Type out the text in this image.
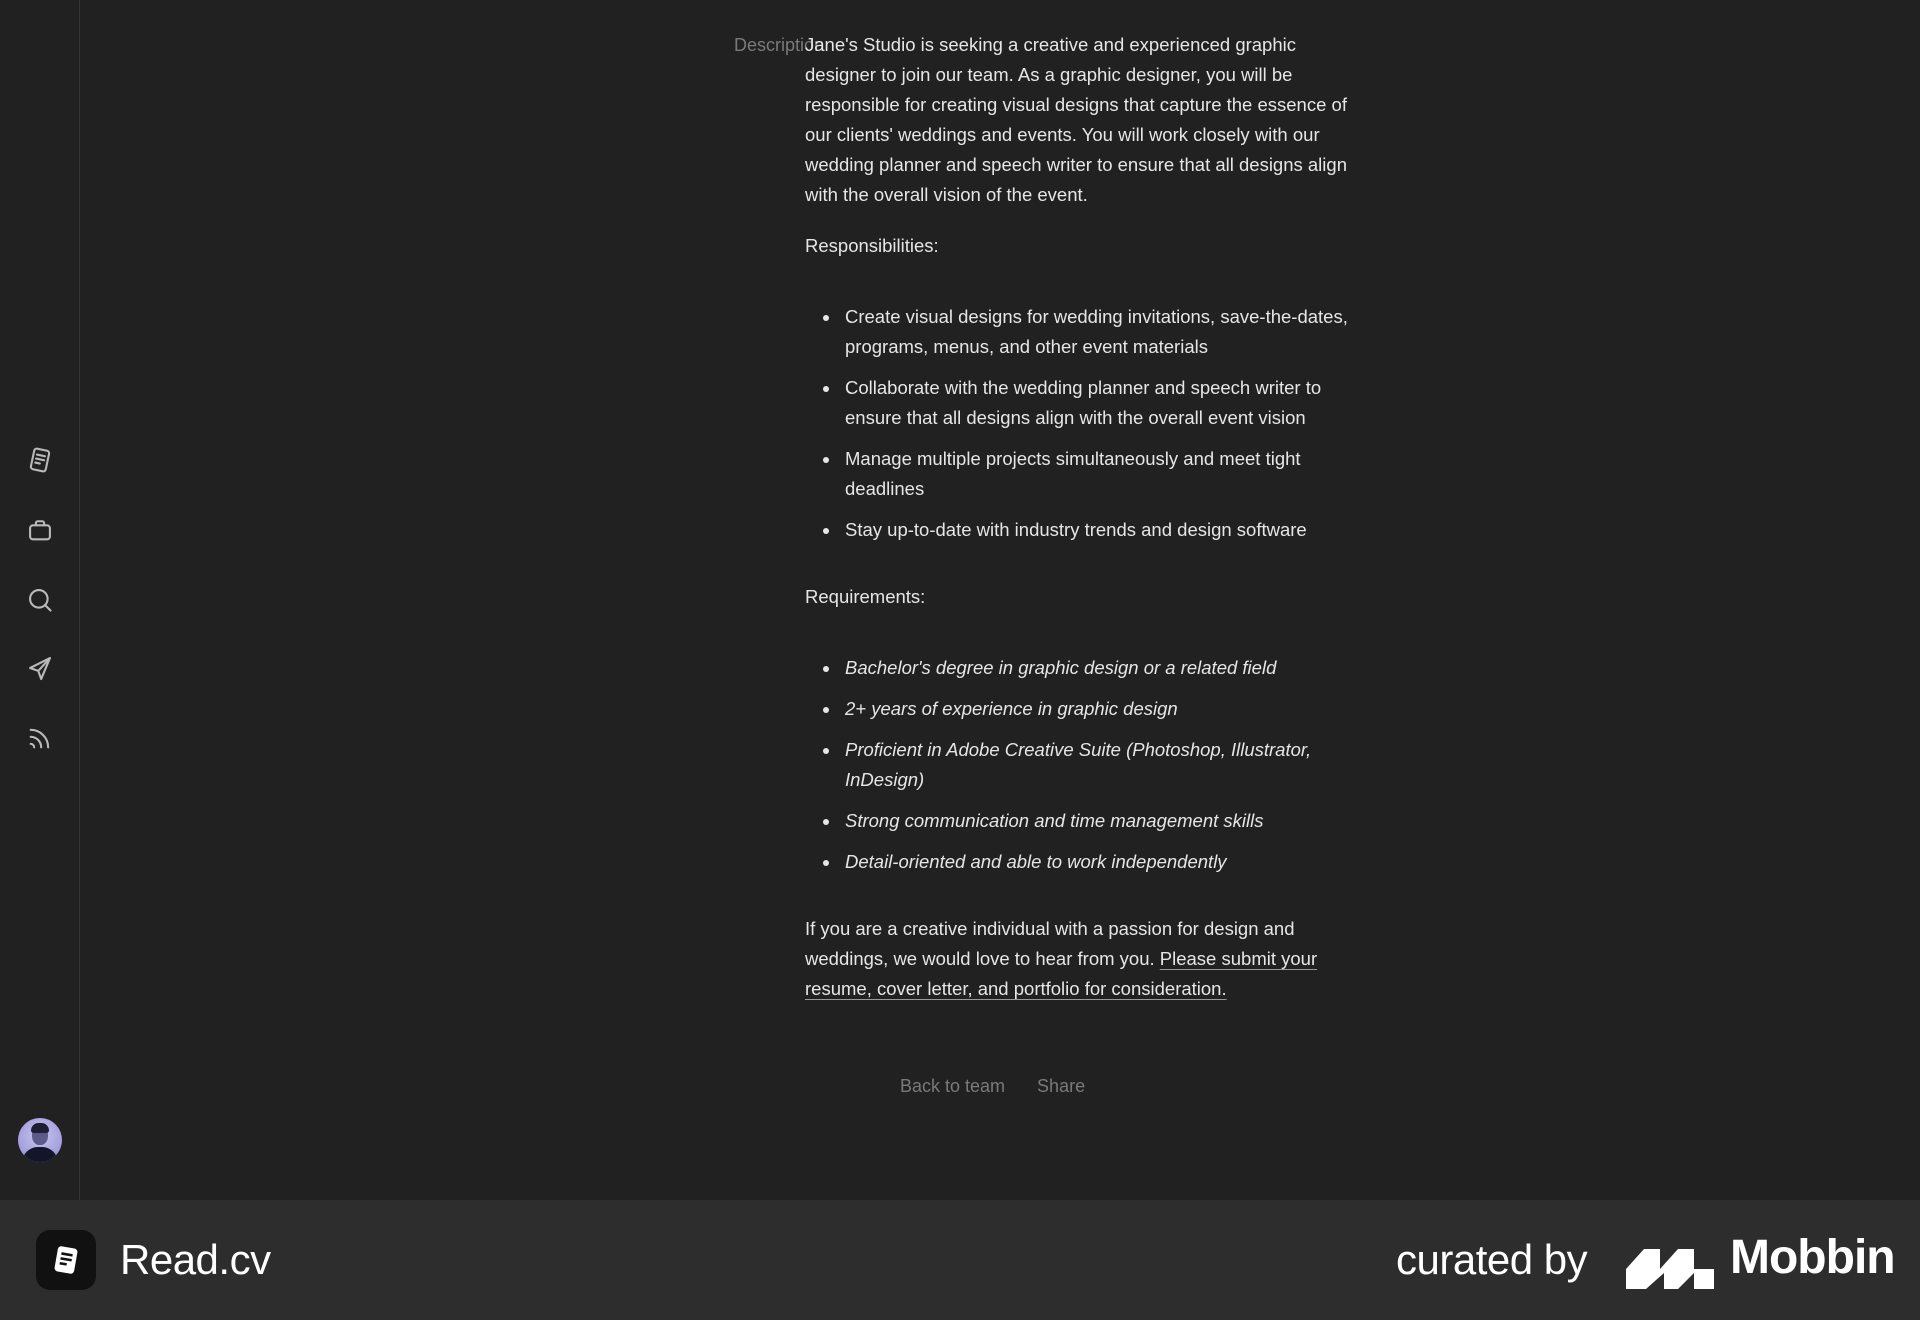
Description

Jane's Studio is seeking a creative and experienced graphic designer to join our team. As a graphic designer, you will be responsible for creating visual designs that capture the essence of our clients' weddings and events. You will work closely with our wedding planner and speech writer to ensure that all designs align with the overall vision of the event.

Responsibilities:

Create visual designs for wedding invitations, save-the-dates, programs, menus, and other event materials
Collaborate with the wedding planner and speech writer to ensure that all designs align with the overall event vision
Manage multiple projects simultaneously and meet tight deadlines
Stay up-to-date with industry trends and design software

Requirements:

Bachelor's degree in graphic design or a related field
2+ years of experience in graphic design
Proficient in Adobe Creative Suite (Photoshop, Illustrator, InDesign)
Strong communication and time management skills
Detail-oriented and able to work independently

If you are a creative individual with a passion for design and weddings, we would love to hear from you. Please submit your resume, cover letter, and portfolio for consideration.

Back to team Share
Read.cv	curated by	Mobbin
